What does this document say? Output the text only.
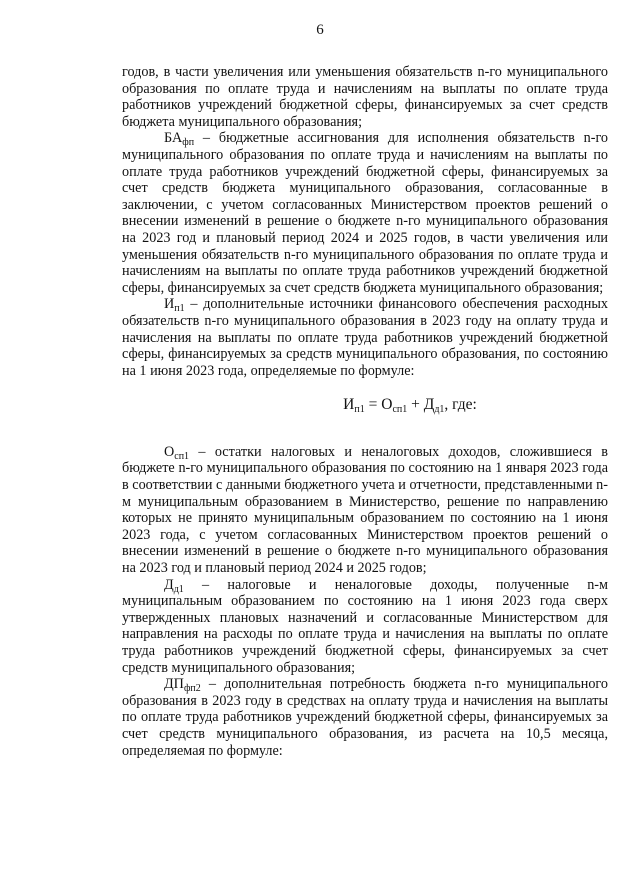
6

годов, в части увеличения или уменьшения обязательств n-го муниципального образования по оплате труда и начислениям на выплаты по оплате труда работников учреждений бюджетной сферы, финансируемых за счет средств бюджета муниципального образования;

$БА_{фп}$ – бюджетные ассигнования для исполнения обязательств n-го муниципального образования по оплате труда и начислениям на выплаты по оплате труда работников учреждений бюджетной сферы, финансируемых за счет средств бюджета муниципального образования, согласованные в заключении, с учетом согласованных Министерством проектов решений о внесении изменений в решение о бюджете n-го муниципального образования на 2023 год и плановый период 2024 и 2025 годов, в части увеличения или уменьшения обязательств n-го муниципального образования по оплате труда и начислениям на выплаты по оплате труда работников учреждений бюджетной сферы, финансируемых за счет средств бюджета муниципального образования;

$И_{п1}$ – дополнительные источники финансового обеспечения расходных обязательств n-го муниципального образования в 2023 году на оплату труда и начисления на выплаты по оплате труда работников учреждений бюджетной сферы, финансируемых за средств муниципального образования, по состоянию на 1 июня 2023 года, определяемые по формуле:

$И_{п1} = О_{сп1} + Д_{д1}$, где:

$О_{сп1}$ – остатки налоговых и неналоговых доходов, сложившиеся в бюджете n-го муниципального образования по состоянию на 1 января 2023 года в соответствии с данными бюджетного учета и отчетности, представленными n-м муниципальным образованием в Министерство, решение по направлению которых не принято муниципальным образованием по состоянию на 1 июня 2023 года, с учетом согласованных Министерством проектов решений о внесении изменений в решение о бюджете n-го муниципального образования на 2023 год и плановый период 2024 и 2025 годов;

$Д_{д1}$ – налоговые и неналоговые доходы, полученные n-м муниципальным образованием по состоянию на 1 июня 2023 года сверх утвержденных плановых назначений и согласованные Министерством для направления на расходы по оплате труда и начисления на выплаты по оплате труда работников учреждений бюджетной сферы, финансируемых за счет средств муниципального образования;

$ДП_{фп2}$ – дополнительная потребность бюджета n-го муниципального образования в 2023 году в средствах на оплату труда и начисления на выплаты по оплате труда работников учреждений бюджетной сферы, финансируемых за счет средств муниципального образования, из расчета на 10,5 месяца, определяемая по формуле:
